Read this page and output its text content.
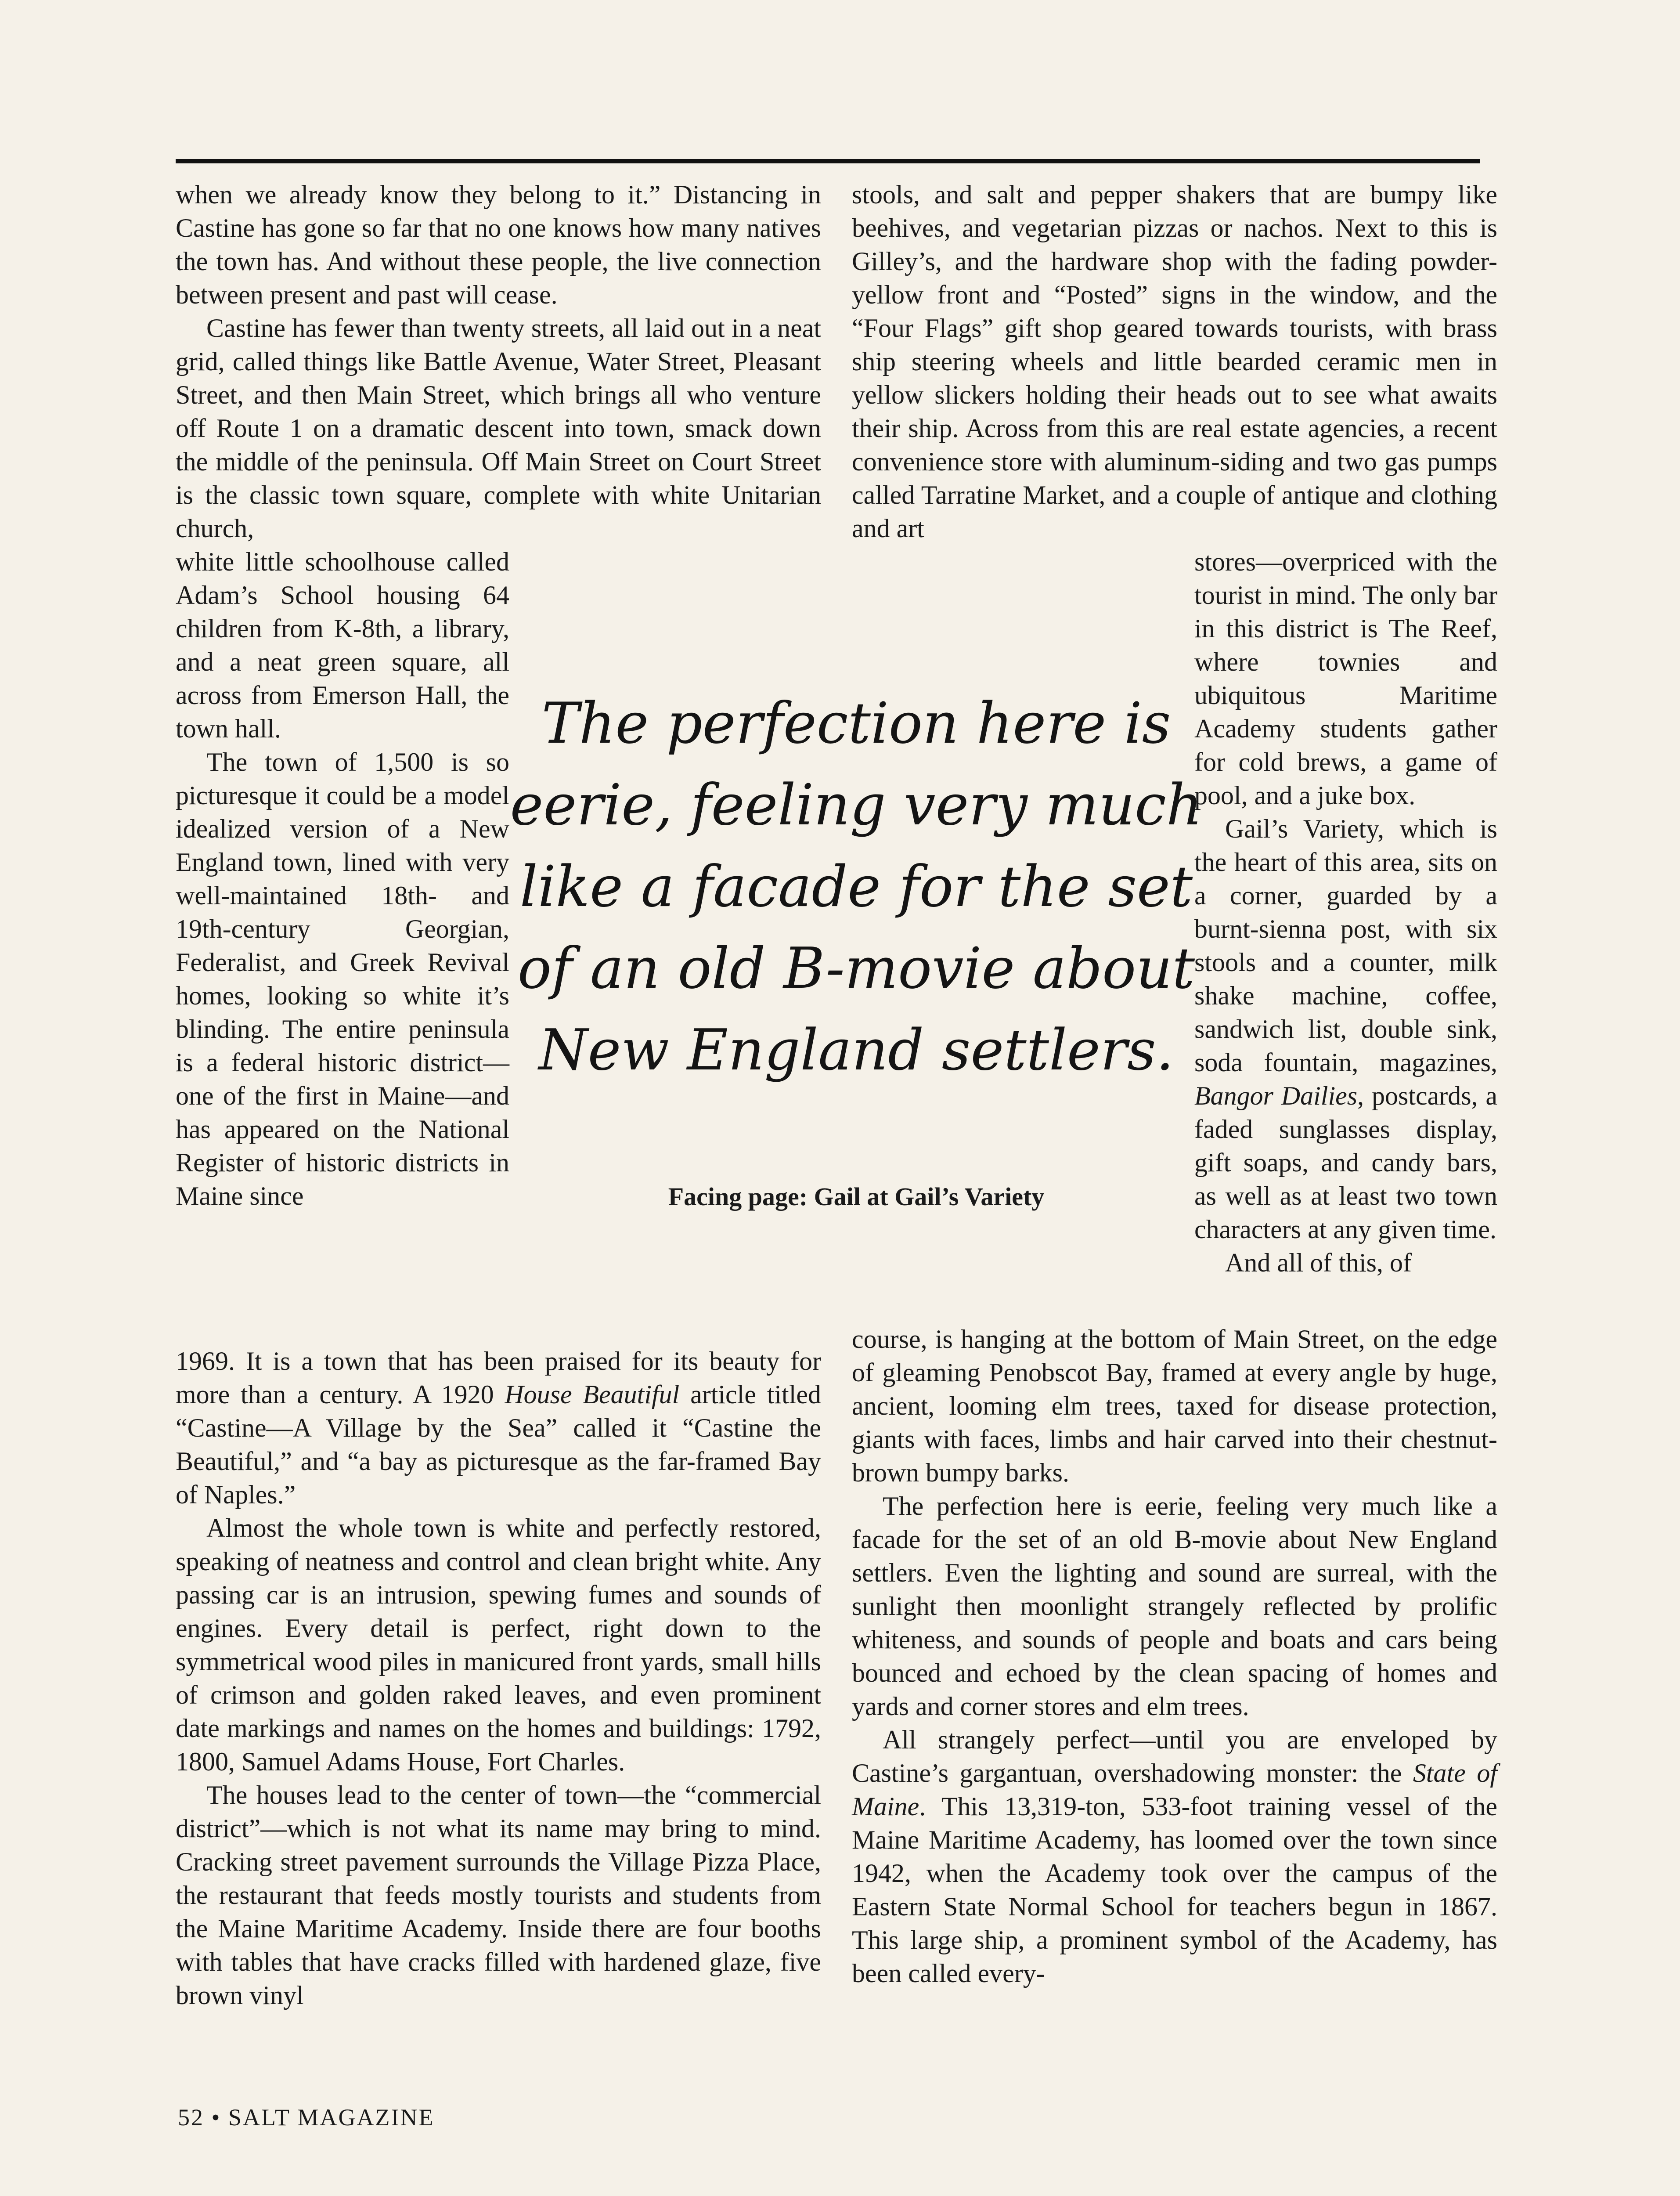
when we already know they belong to it.” Distancing in Castine has gone so far that no one knows how many natives the town has. And without these people, the live connection between present and past will cease.

Castine has fewer than twenty streets, all laid out in a neat grid, called things like Battle Avenue, Water Street, Pleasant Street, and then Main Street, which brings all who venture off Route 1 on a dramatic descent into town, smack down the middle of the peninsula. Off Main Street on Court Street is the classic town square, complete with white Unitarian church,

white little schoolhouse called Adam’s School housing 64 children from K-8th, a library, and a neat green square, all across from Emerson Hall, the town hall.

The town of 1,500 is so picturesque it could be a model idealized version of a New England town, lined with very well-maintained 18th- and 19th-century Georgian, Federalist, and Greek Revival homes, looking so white it’s blinding. The entire peninsula is a federal historic district—one of the first in Maine—and has appeared on the National Register of historic districts in Maine since

1969. It is a town that has been praised for its beauty for more than a century. A 1920 House Beautiful article titled “Castine—A Village by the Sea” called it “Castine the Beautiful,” and “a bay as picturesque as the far-framed Bay of Naples.”

Almost the whole town is white and perfectly restored, speaking of neatness and control and clean bright white. Any passing car is an intrusion, spewing fumes and sounds of engines. Every detail is perfect, right down to the symmetrical wood piles in manicured front yards, small hills of crimson and golden raked leaves, and even prominent date markings and names on the homes and buildings: 1792, 1800, Samuel Adams House, Fort Charles.

The houses lead to the center of town—the “commercial district”—which is not what its name may bring to mind. Cracking street pavement surrounds the Village Pizza Place, the restaurant that feeds mostly tourists and students from the Maine Maritime Academy. Inside there are four booths with tables that have cracks filled with hardened glaze, five brown vinyl

stools, and salt and pepper shakers that are bumpy like beehives, and vegetarian pizzas or nachos. Next to this is Gilley’s, and the hardware shop with the fading powder-yellow front and “Posted” signs in the window, and the “Four Flags” gift shop geared towards tourists, with brass ship steering wheels and little bearded ceramic men in yellow slickers holding their heads out to see what awaits their ship. Across from this are real estate agencies, a recent convenience store with aluminum-siding and two gas pumps called Tarratine Market, and a couple of antique and clothing and art

stores—overpriced with the tourist in mind. The only bar in this district is The Reef, where townies and ubiquitous Maritime Academy students gather for cold brews, a game of pool, and a juke box.

Gail’s Variety, which is the heart of this area, sits on a corner, guarded by a burnt-sienna post, with six stools and a counter, milk shake machine, coffee, sandwich list, double sink, soda fountain, magazines, Bangor Dailies, postcards, a faded sunglasses display, gift soaps, and candy bars, as well as at least two town characters at any given time.

And all of this, of

course, is hanging at the bottom of Main Street, on the edge of gleaming Penobscot Bay, framed at every angle by huge, ancient, looming elm trees, taxed for disease protection, giants with faces, limbs and hair carved into their chestnut-brown bumpy barks.

The perfection here is eerie, feeling very much like a facade for the set of an old B-movie about New England settlers. Even the lighting and sound are surreal, with the sunlight then moonlight strangely reflected by prolific whiteness, and sounds of people and boats and cars being bounced and echoed by the clean spacing of homes and yards and corner stores and elm trees.

All strangely perfect—until you are enveloped by Castine’s gargantuan, overshadowing monster: the State of Maine. This 13,319-ton, 533-foot training vessel of the Maine Maritime Academy, has loomed over the town since 1942, when the Academy took over the campus of the Eastern State Normal School for teachers begun in 1867. This large ship, a prominent symbol of the Academy, has been called every-

The perfection here is
eerie, feeling very much
like a facade for the set
of an old B-movie about
New England settlers.
Facing page: Gail at Gail’s Variety
52 • SALT MAGAZINE
